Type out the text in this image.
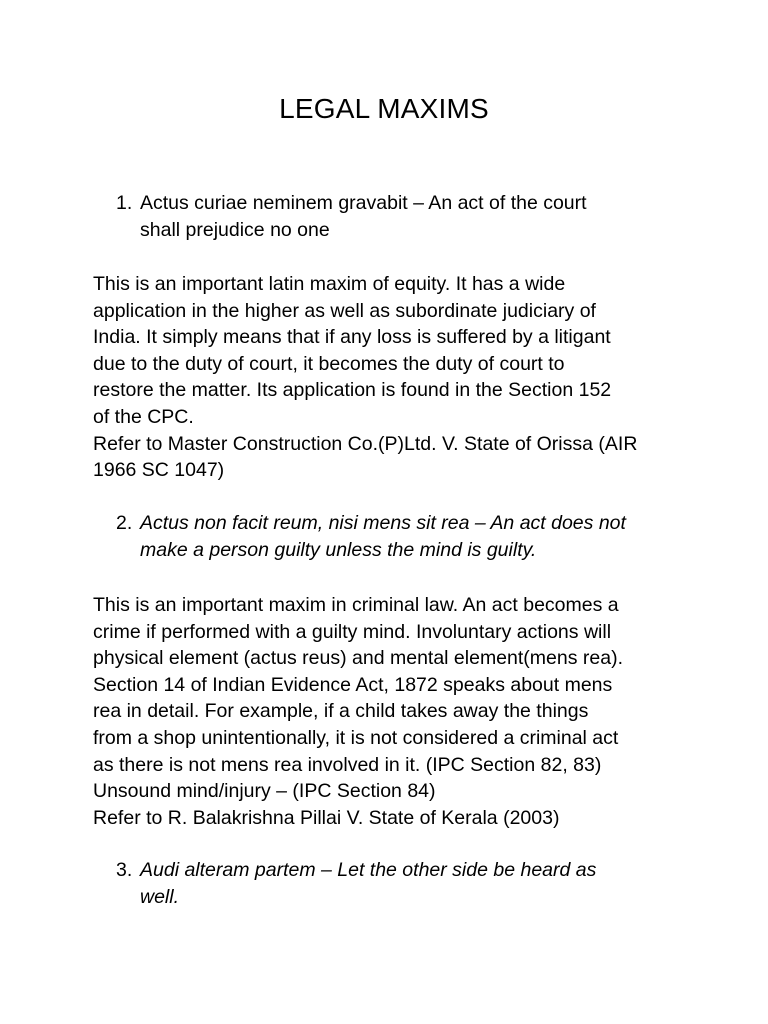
LEGAL MAXIMS
1. Actus curiae neminem gravabit – An act of the court
shall prejudice no one
This is an important latin maxim of equity. It has a wide
application in the higher as well as subordinate judiciary of
India. It simply means that if any loss is suffered by a litigant
due to the duty of court, it becomes the duty of court to
restore the matter. Its application is found in the Section 152
of the CPC.
Refer to Master Construction Co.(P)Ltd. V. State of Orissa (AIR
1966 SC 1047)
2. Actus non facit reum, nisi mens sit rea – An act does not
make a person guilty unless the mind is guilty.
This is an important maxim in criminal law. An act becomes a
crime if performed with a guilty mind. Involuntary actions will
physical element (actus reus) and mental element(mens rea).
Section 14 of Indian Evidence Act, 1872 speaks about mens
rea in detail. For example, if a child takes away the things
from a shop unintentionally, it is not considered a criminal act
as there is not mens rea involved in it. (IPC Section 82, 83)
Unsound mind/injury – (IPC Section 84)
Refer to R. Balakrishna Pillai V. State of Kerala (2003)
3. Audi alteram partem – Let the other side be heard as
well.
